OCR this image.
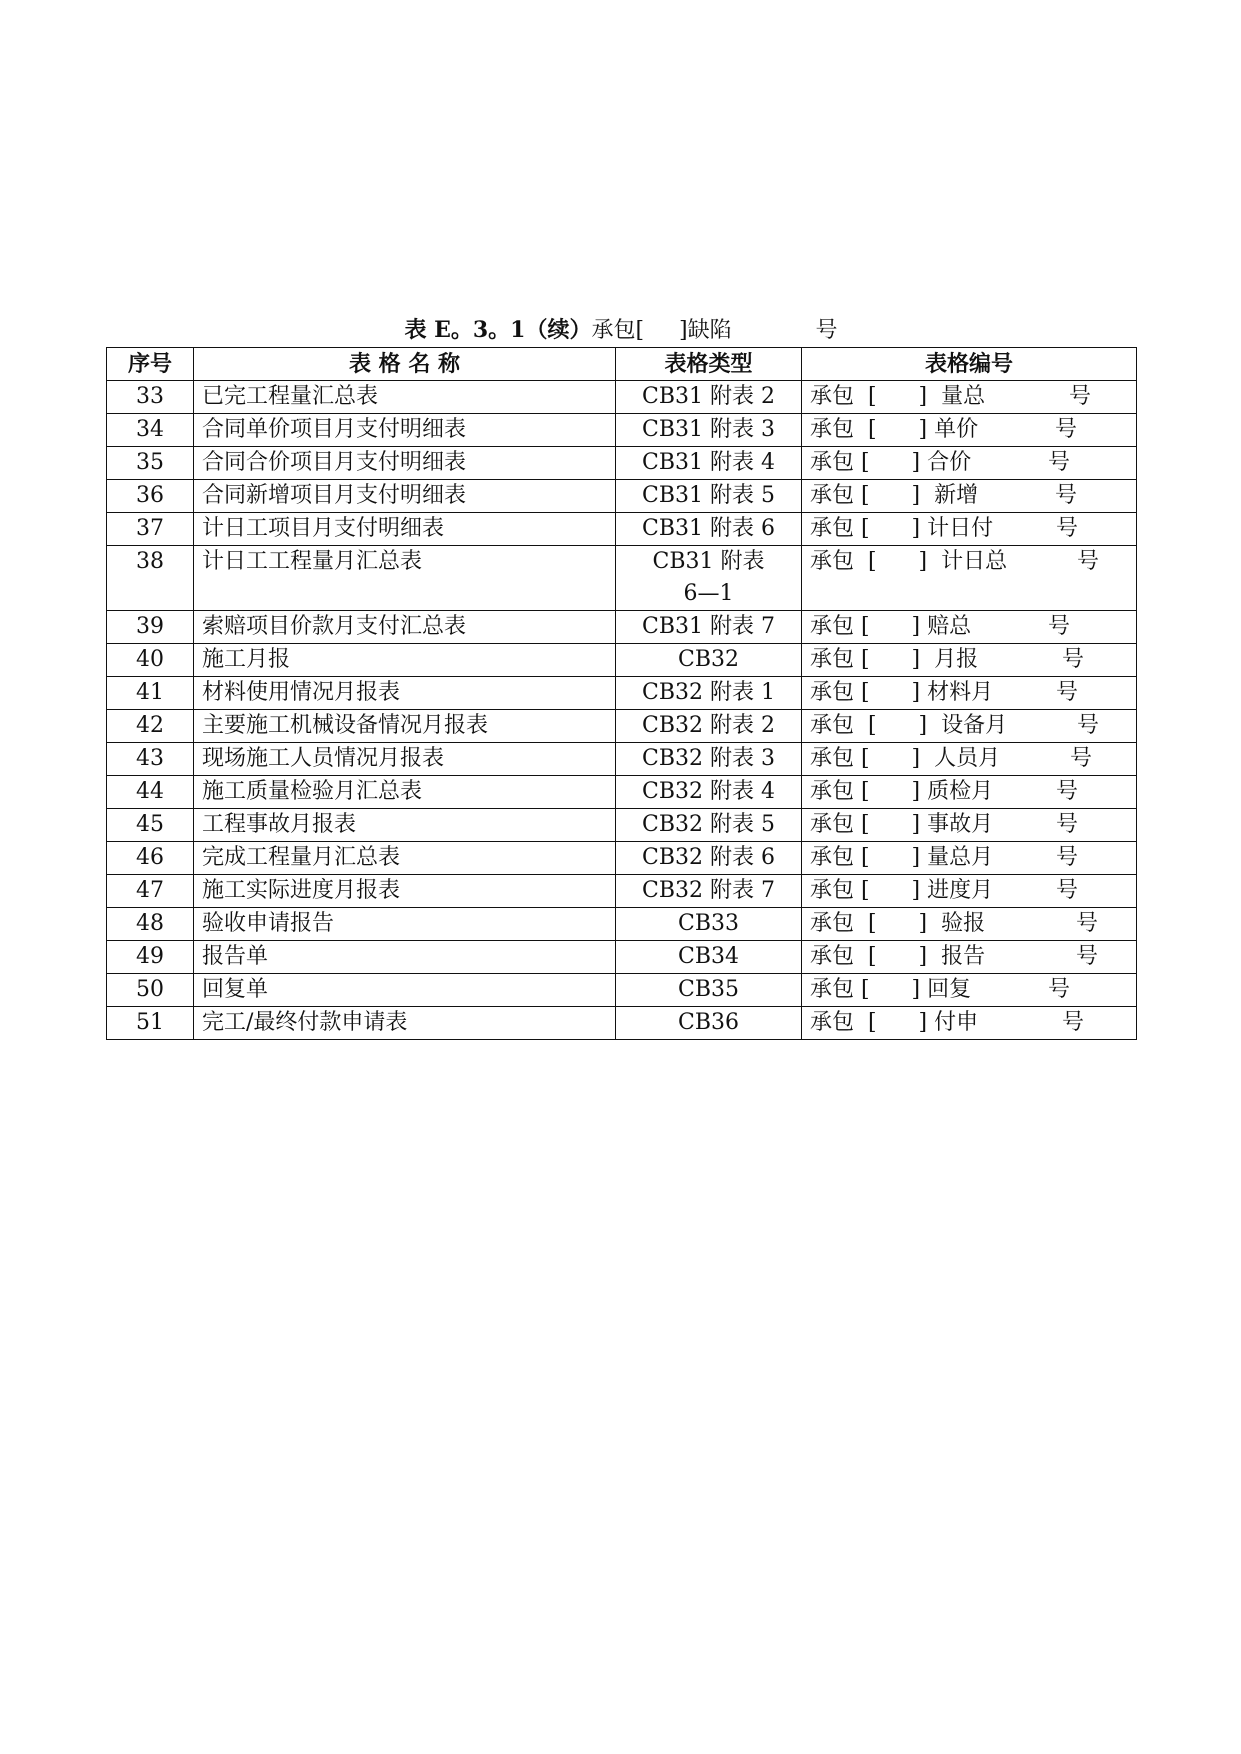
表 E。3。1（续）承包[     ]缺陷            号
序号	表 格 名 称	表格类型	表格编号
33	已完工程量汇总表	CB31 附表 2	承包  [      ]  量总            号
34	合同单价项目月支付明细表	CB31 附表 3	承包  [      ] 单价           号
35	合同合价项目月支付明细表	CB31 附表 4	承包 [      ] 合价           号
36	合同新增项目月支付明细表	CB31 附表 5	承包 [      ]  新增           号
37	计日工项目月支付明细表	CB31 附表 6	承包 [      ] 计日付         号
38	计日工工程量月汇总表	CB31 附表 6—1	承包  [      ]  计日总          号
39	索赔项目价款月支付汇总表	CB31 附表 7	承包 [      ] 赔总           号
40	施工月报	CB32	承包 [      ]  月报            号
41	材料使用情况月报表	CB32 附表 1	承包 [      ] 材料月         号
42	主要施工机械设备情况月报表	CB32 附表 2	承包  [      ]  设备月          号
43	现场施工人员情况月报表	CB32 附表 3	承包 [      ]  人员月          号
44	施工质量检验月汇总表	CB32 附表 4	承包 [      ] 质检月         号
45	工程事故月报表	CB32 附表 5	承包 [      ] 事故月         号
46	完成工程量月汇总表	CB32 附表 6	承包 [      ] 量总月         号
47	施工实际进度月报表	CB32 附表 7	承包 [      ] 进度月         号
48	验收申请报告	CB33	承包  [      ]  验报             号
49	报告单	CB34	承包  [      ]  报告             号
50	回复单	CB35	承包 [      ] 回复           号
51	完工/最终付款申请表	CB36	承包  [      ] 付申            号
